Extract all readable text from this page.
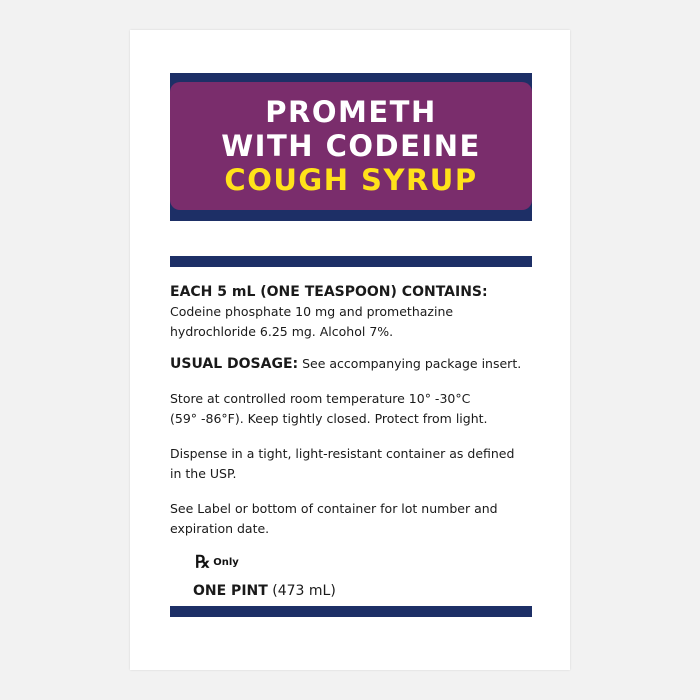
PROMETH
WITH CODEINE
COUGH SYRUP

EACH 5 mL (ONE TEASPOON) CONTAINS:

Codeine phosphate 10 mg and promethazine

hydrochloride 6.25 mg. Alcohol 7%.

USUAL DOSAGE: See accompanying package insert.

Store at controlled room temperature 10° -30°C

(59° -86°F). Keep tightly closed. Protect from light.

Dispense in a tight, light-resistant container as defined

in the USP.

See Label or bottom of container for lot number and

expiration date.

℞ Only
ONE PINT (473 mL)
